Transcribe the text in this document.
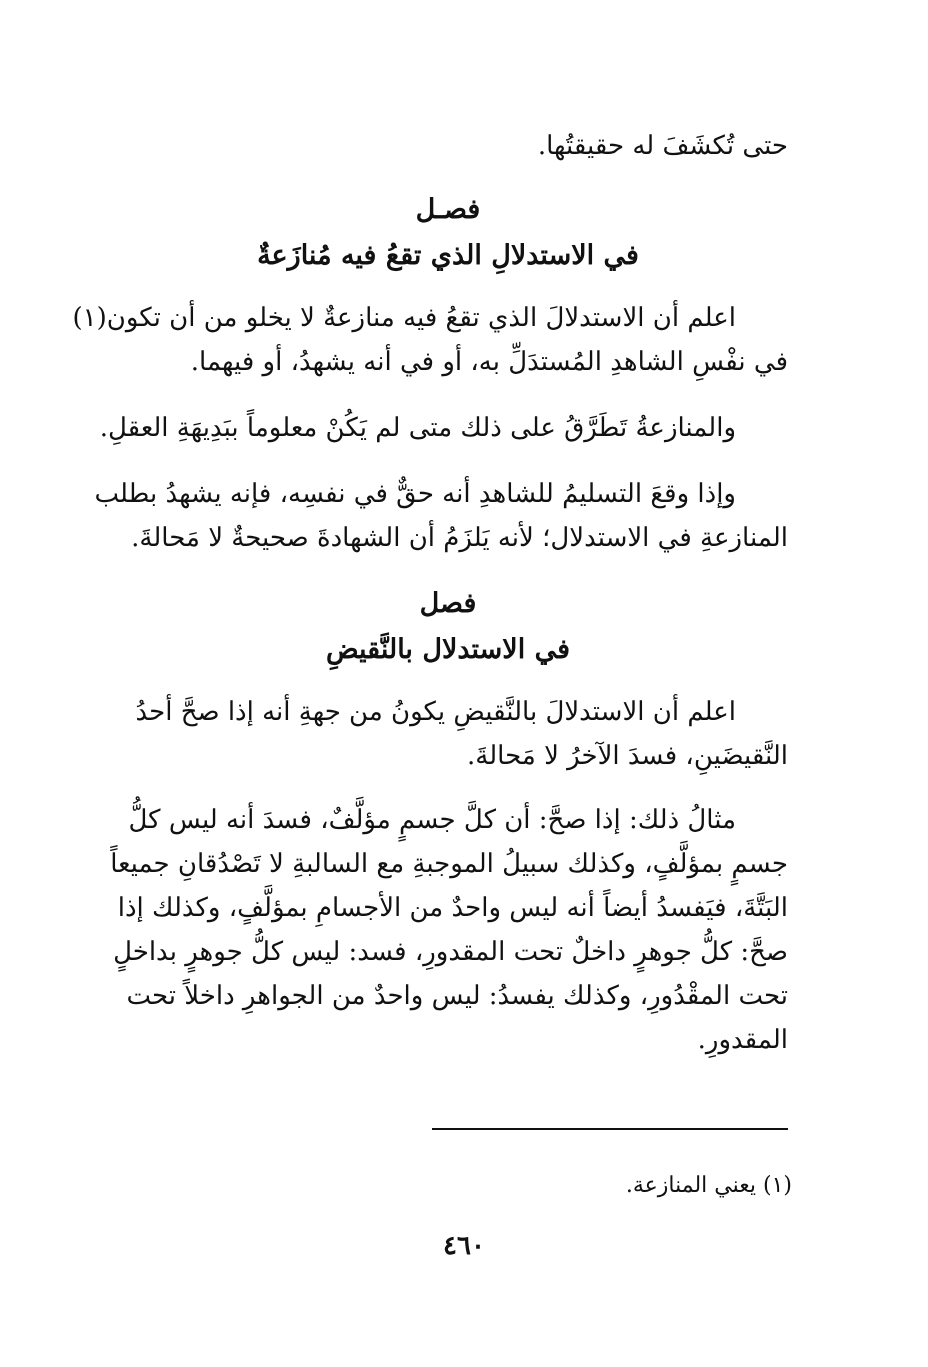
حتى تُكشَفَ له حقيقتُها.
فصـل
في الاستدلالِ الذي تقعُ فيه مُنازَعةٌ
اعلم أن الاستدلالَ الذي تقعُ فيه منازعةٌ لا يخلو من أن تكون(١)
في نفْسِ الشاهدِ المُستدَلِّ به، أو في أنه يشهدُ، أو فيهما.
والمنازعةُ تَطَرَّقُ على ذلك متى لم يَكُنْ معلوماً ببَدِيهَةِ العقلِ.
وإذا وقعَ التسليمُ للشاهدِ أنه حقٌّ في نفسِه، فإنه يشهدُ بطلب
المنازعةِ في الاستدلال؛ لأنه يَلزَمُ أن الشهادةَ صحيحةٌ لا مَحالةَ.
فصل
في الاستدلال بالنَّقيضِ
اعلم أن الاستدلالَ بالنَّقيضِ يكونُ من جهةِ أنه إذا صحَّ أحدُ
النَّقيضَينِ، فسدَ الآخرُ لا مَحالةَ.
مثالُ ذلك: إذا صحَّ: أن كلَّ جسمٍ مؤلَّفٌ، فسدَ أنه ليس كلُّ
جسمٍ بمؤلَّفٍ، وكذلك سبيلُ الموجبةِ مع السالبةِ لا تَصْدُقانِ جميعاً
البَتَّةَ، فيَفسدُ أيضاً أنه ليس واحدٌ من الأجسامِ بمؤلَّفٍ، وكذلك إذا
صحَّ: كلُّ جوهرٍ داخلٌ تحت المقدورِ، فسد: ليس كلُّ جوهرٍ بداخلٍ
تحت المقْدُورِ، وكذلك يفسدُ: ليس واحدٌ من الجواهرِ داخلاً تحت
المقدورِ.
(١) يعني المنازعة.
٤٦٠
